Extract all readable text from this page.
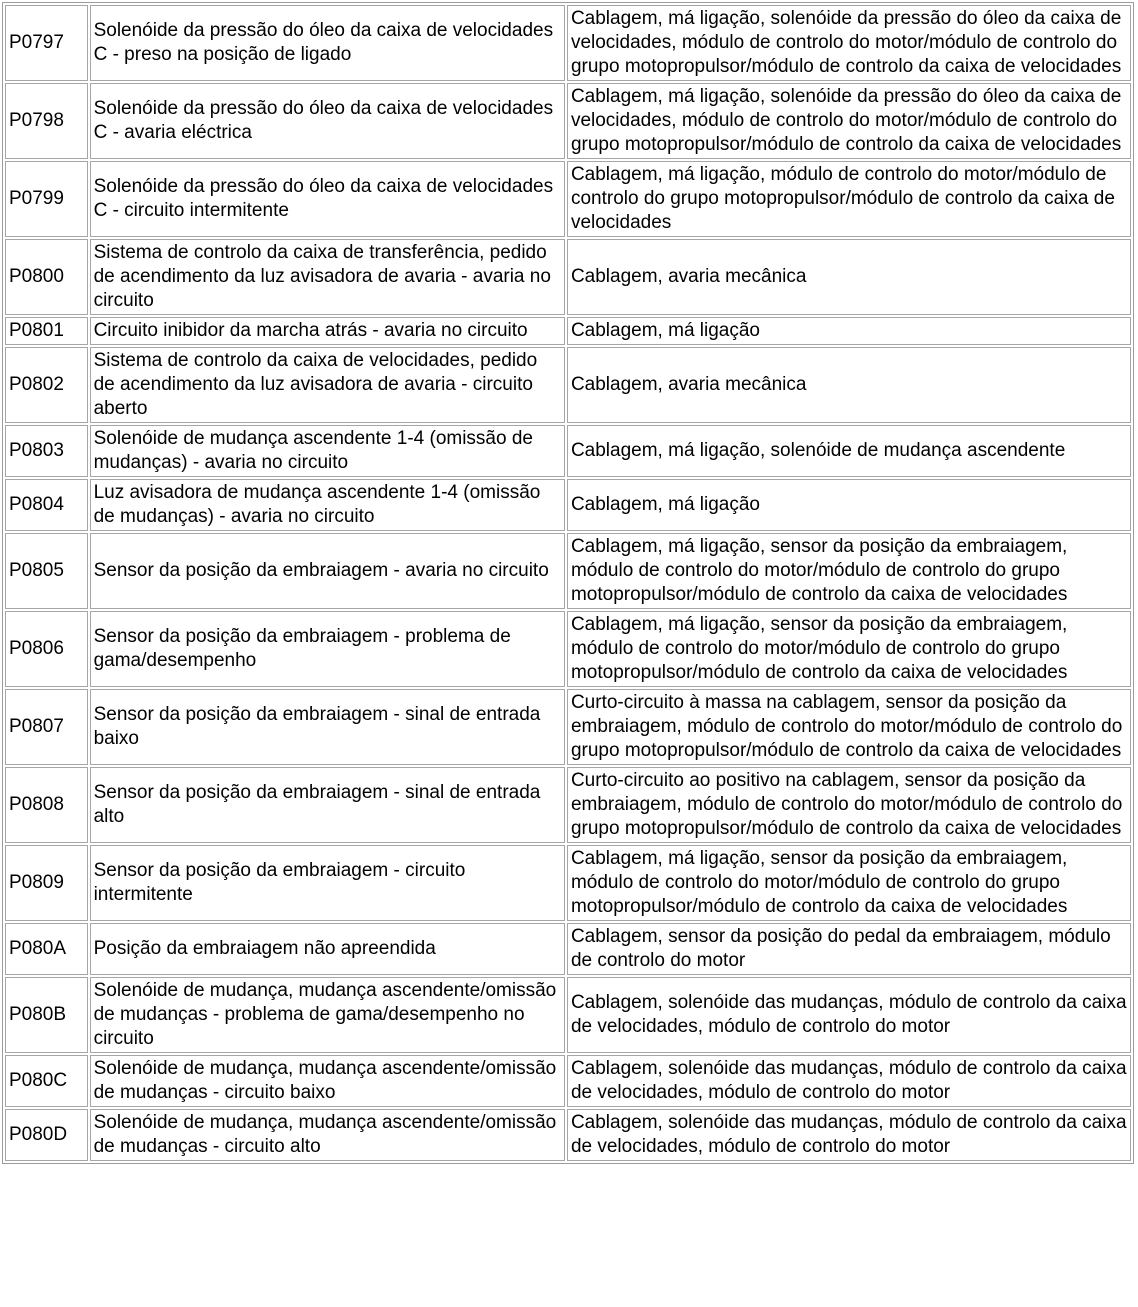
P0797	Solenóide da pressão do óleo da caixa de velocidades C - preso na posição de ligado	Cablagem, má ligação, solenóide da pressão do óleo da caixa de velocidades, módulo de controlo do motor/módulo de controlo do grupo motopropulsor/módulo de controlo da caixa de velocidades
P0798	Solenóide da pressão do óleo da caixa de velocidades C - avaria eléctrica	Cablagem, má ligação, solenóide da pressão do óleo da caixa de velocidades, módulo de controlo do motor/módulo de controlo do grupo motopropulsor/módulo de controlo da caixa de velocidades
P0799	Solenóide da pressão do óleo da caixa de velocidades C - circuito intermitente	Cablagem, má ligação, módulo de controlo do motor/módulo de controlo do grupo motopropulsor/módulo de controlo da caixa de velocidades
P0800	Sistema de controlo da caixa de transferência, pedido de acendimento da luz avisadora de avaria - avaria no circuito	Cablagem, avaria mecânica
P0801	Circuito inibidor da marcha atrás - avaria no circuito	Cablagem, má ligação
P0802	Sistema de controlo da caixa de velocidades, pedido de acendimento da luz avisadora de avaria - circuito aberto	Cablagem, avaria mecânica
P0803	Solenóide de mudança ascendente 1-4 (omissão de mudanças) - avaria no circuito	Cablagem, má ligação, solenóide de mudança ascendente
P0804	Luz avisadora de mudança ascendente 1-4 (omissão de mudanças) - avaria no circuito	Cablagem, má ligação
P0805	Sensor da posição da embraiagem - avaria no circuito	Cablagem, má ligação, sensor da posição da embraiagem, módulo de controlo do motor/módulo de controlo do grupo motopropulsor/módulo de controlo da caixa de velocidades
P0806	Sensor da posição da embraiagem - problema de gama/desempenho	Cablagem, má ligação, sensor da posição da embraiagem, módulo de controlo do motor/módulo de controlo do grupo motopropulsor/módulo de controlo da caixa de velocidades
P0807	Sensor da posição da embraiagem - sinal de entrada baixo	Curto-circuito à massa na cablagem, sensor da posição da embraiagem, módulo de controlo do motor/módulo de controlo do grupo motopropulsor/módulo de controlo da caixa de velocidades
P0808	Sensor da posição da embraiagem - sinal de entrada alto	Curto-circuito ao positivo na cablagem, sensor da posição da embraiagem, módulo de controlo do motor/módulo de controlo do grupo motopropulsor/módulo de controlo da caixa de velocidades
P0809	Sensor da posição da embraiagem - circuito intermitente	Cablagem, má ligação, sensor da posição da embraiagem, módulo de controlo do motor/módulo de controlo do grupo motopropulsor/módulo de controlo da caixa de velocidades
P080A	Posição da embraiagem não apreendida	Cablagem, sensor da posição do pedal da embraiagem, módulo de controlo do motor
P080B	Solenóide de mudança, mudança ascendente/omissão de mudanças - problema de gama/desempenho no circuito	Cablagem, solenóide das mudanças, módulo de controlo da caixa de velocidades, módulo de controlo do motor
P080C	Solenóide de mudança, mudança ascendente/omissão de mudanças - circuito baixo	Cablagem, solenóide das mudanças, módulo de controlo da caixa de velocidades, módulo de controlo do motor
P080D	Solenóide de mudança, mudança ascendente/omissão de mudanças - circuito alto	Cablagem, solenóide das mudanças, módulo de controlo da caixa de velocidades, módulo de controlo do motor
